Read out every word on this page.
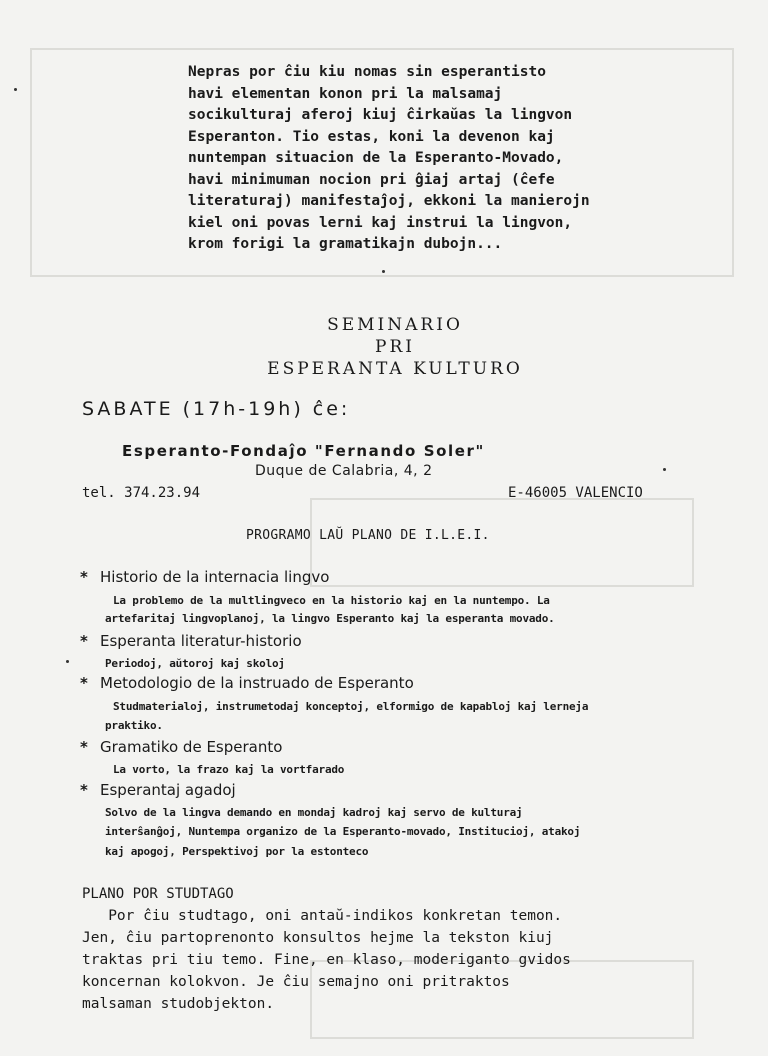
Nepras por ĉiu kiu nomas sin esperantisto
havi elementan konon pri la malsamaj
socikulturaj aferoj kiuj ĉirkaŭas la lingvon
Esperanton. Tio estas, koni la devenon kaj
nuntempan situacion de la Esperanto-Movado,
havi minimuman nocion pri ĝiaj artaj (ĉefe
literaturaj) manifestaĵoj, ekkoni la manierojn
kiel oni povas lerni kaj instrui la lingvon,
krom forigi la gramatikajn dubojn...
SEMINARIO
PRI
ESPERANTA KULTURO
SABATE (17h-19h) ĉe:
Esperanto-Fondaĵo "Fernando Soler"
Duque de Calabria, 4, 2
tel. 374.23.94	E-46005 VALENCIO
PROGRAMO LAŬ PLANO DE I.L.E.I.
* Historio de la internacia lingvo
La problemo de la multlingveco en la historio kaj en la nuntempo. La
artefaritaj lingvoplanoj, la lingvo Esperanto kaj la esperanta movado.
* Esperanta literatur-historio
Periodoj, aŭtoroj kaj skoloj
* Metodologio de la instruado de Esperanto
Studmaterialoj, instrumetodaj konceptoj, elformigo de kapabloj kaj lerneja
praktiko.
* Gramatiko de Esperanto
La vorto, la frazo kaj la vortfarado
* Esperantaj agadoj
Solvo de la lingva demando en mondaj kadroj kaj servo de kulturaj
interŝanĝoj, Nuntempa organizo de la Esperanto-movado, Institucioj, atakoj
kaj apogoj, Perspektivoj por la estonteco
PLANO POR STUDTAGO
Por ĉiu studtago, oni antaŭ-indikos konkretan temon.
Jen, ĉiu partoprenonto konsultos hejme la tekston kiuj
traktas pri tiu temo. Fine, en klaso, moderiganto gvidos
koncernan kolokvon. Je ĉiu semajno oni pritraktos
malsaman studobjekton.
